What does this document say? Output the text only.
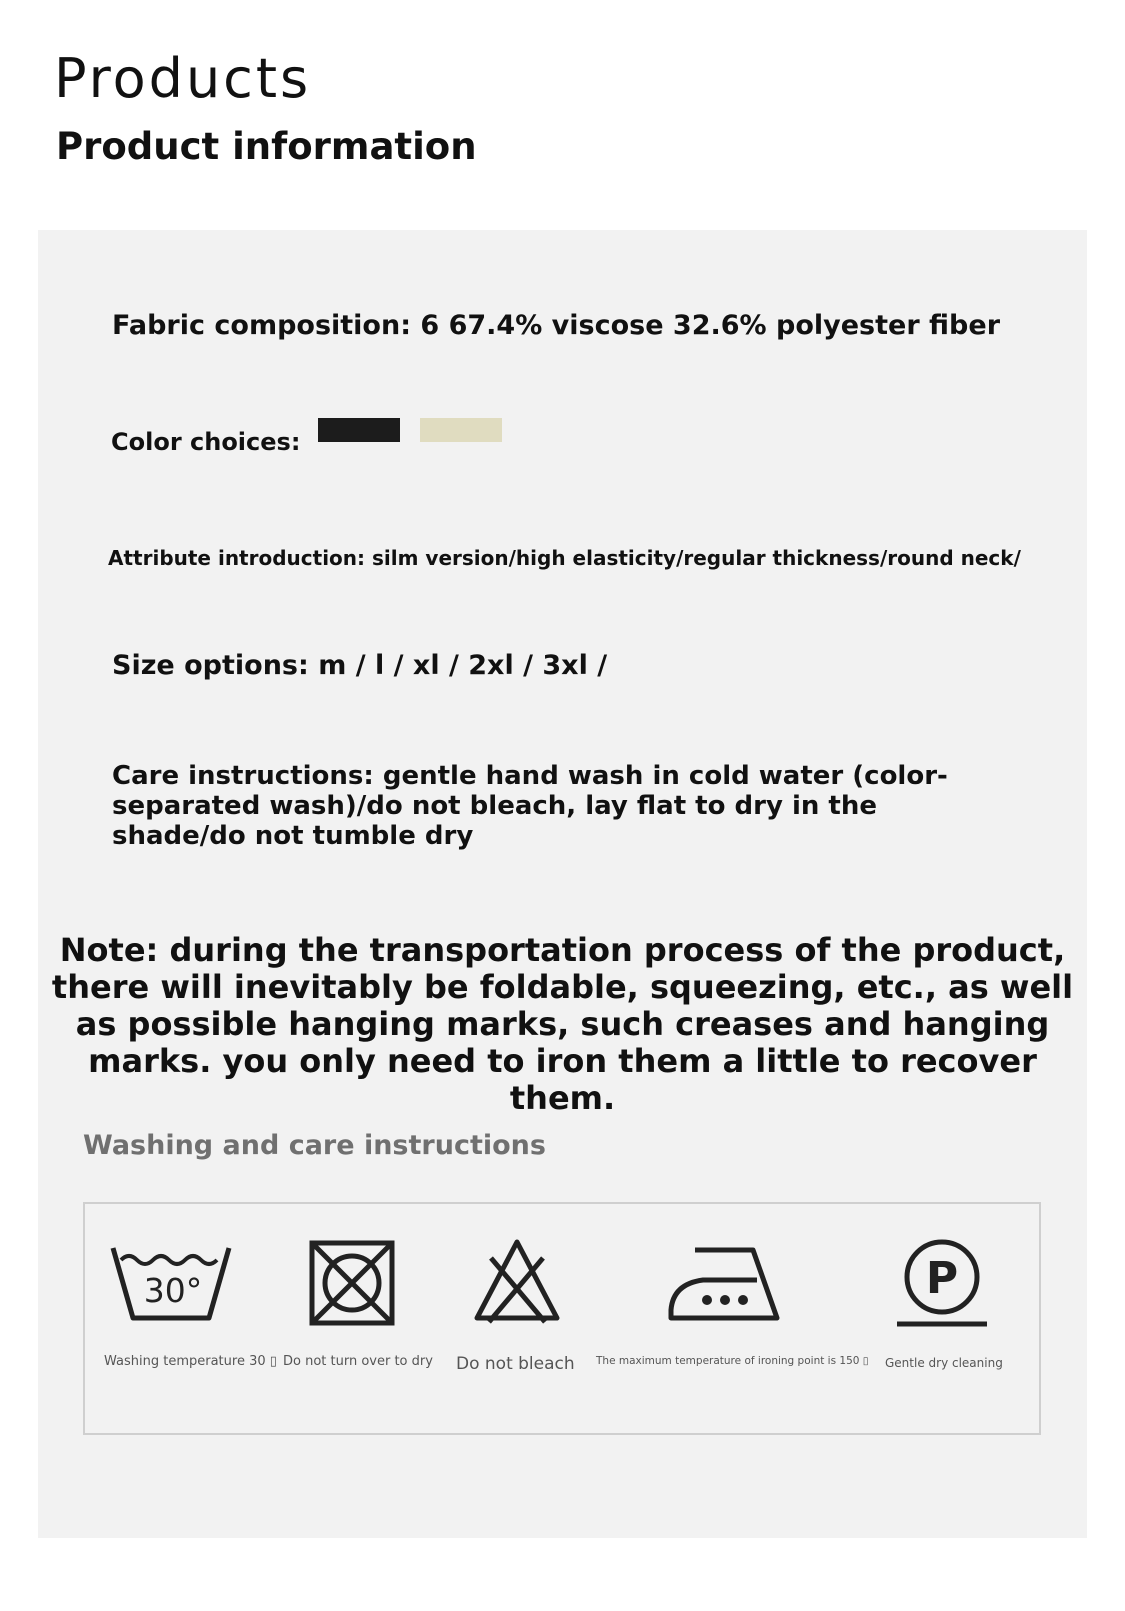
Products
Product information

Fabric composition: 6 67.4% viscose 32.6% polyester fiber

Color choices:

Attribute introduction: silm version/high elasticity/regular thickness/round neck/

Size options: m / l / xl / 2xl / 3xl /

Care instructions: gentle hand wash in cold water (color-separated wash)/do not bleach, lay flat to dry in the shade/do not tumble dry

Note: during the transportation process of the product, there will inevitably be foldable, squeezing, etc., as well as possible hanging marks, such creases and hanging marks. you only need to iron them a little to recover them.

Washing and care instructions

30°

Washing temperature 30 ▯ Do not turn over to dry Do not bleach The maximum temperature of ironing point is 150 ▯

P

Gentle dry cleaning
